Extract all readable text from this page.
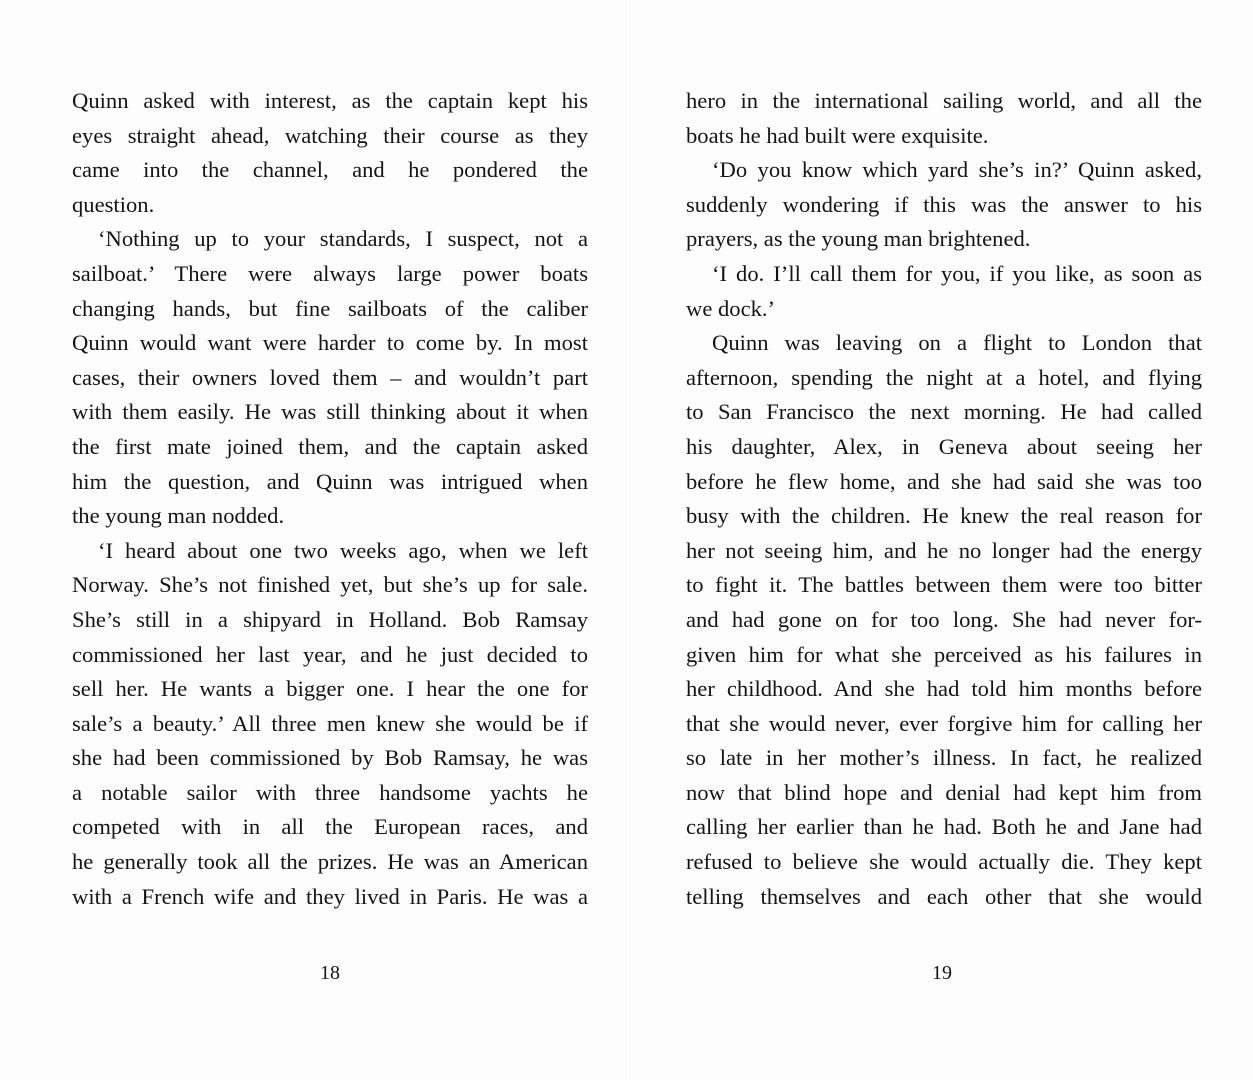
Quinn asked with interest, as the captain kept his
eyes straight ahead, watching their course as they
came into the channel, and he pondered the
question.
‘Nothing up to your standards, I suspect, not a
sailboat.’ There were always large power boats
changing hands, but fine sailboats of the caliber
Quinn would want were harder to come by. In most
cases, their owners loved them – and wouldn’t part
with them easily. He was still thinking about it when
the first mate joined them, and the captain asked
him the question, and Quinn was intrigued when
the young man nodded.
‘I heard about one two weeks ago, when we left
Norway. She’s not finished yet, but she’s up for sale.
She’s still in a shipyard in Holland. Bob Ramsay
commissioned her last year, and he just decided to
sell her. He wants a bigger one. I hear the one for
sale’s a beauty.’ All three men knew she would be if
she had been commissioned by Bob Ramsay, he was
a notable sailor with three handsome yachts he
competed with in all the European races, and
he generally took all the prizes. He was an American
with a French wife and they lived in Paris. He was a
hero in the international sailing world, and all the
boats he had built were exquisite.
‘Do you know which yard she’s in?’ Quinn asked,
suddenly wondering if this was the answer to his
prayers, as the young man brightened.
‘I do. I’ll call them for you, if you like, as soon as
we dock.’
Quinn was leaving on a flight to London that
afternoon, spending the night at a hotel, and flying
to San Francisco the next morning. He had called
his daughter, Alex, in Geneva about seeing her
before he flew home, and she had said she was too
busy with the children. He knew the real reason for
her not seeing him, and he no longer had the energy
to fight it. The battles between them were too bitter
and had gone on for too long. She had never for-
given him for what she perceived as his failures in
her childhood. And she had told him months before
that she would never, ever forgive him for calling her
so late in her mother’s illness. In fact, he realized
now that blind hope and denial had kept him from
calling her earlier than he had. Both he and Jane had
refused to believe she would actually die. They kept
telling themselves and each other that she would
18	19
